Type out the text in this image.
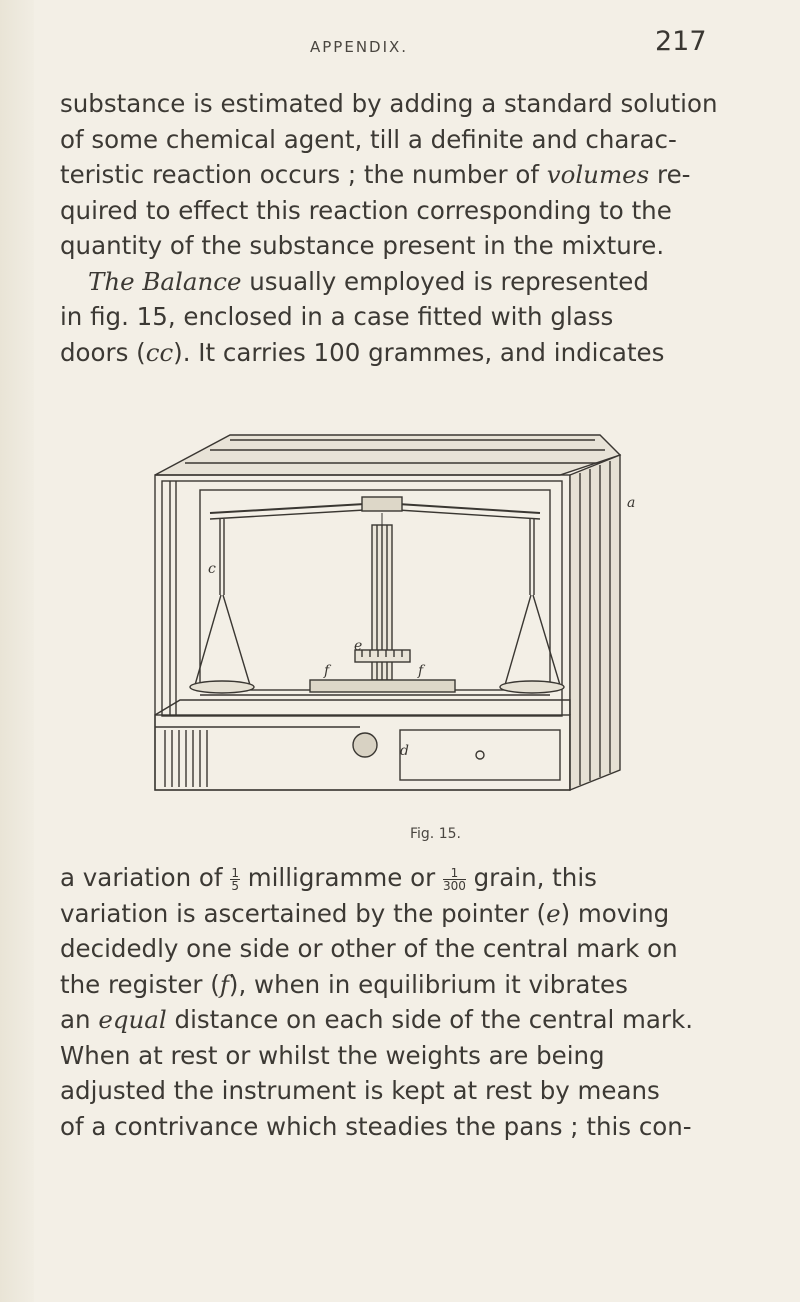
APPENDIX.	217
substance is estimated by adding a standard solution
of some chemical agent, till a definite and charac-
teristic reaction occurs ; the number of volumes re-
quired to effect this reaction corresponding to the
quantity of the substance present in the mixture.
The Balance usually employed is represented
in fig. 15, enclosed in a case fitted with glass
doors (cc). It carries 100 grammes, and indicates
a
c
e
f	f
d
Fig. 15.
a variation of $\frac{1}{5}$ milligramme or $\frac{1}{300}$ grain, this
variation is ascertained by the pointer (e) moving
decidedly one side or other of the central mark on
the register (f), when in equilibrium it vibrates
an equal distance on each side of the central mark.
When at rest or whilst the weights are being
adjusted the instrument is kept at rest by means
of a contrivance which steadies the pans ; this con-
